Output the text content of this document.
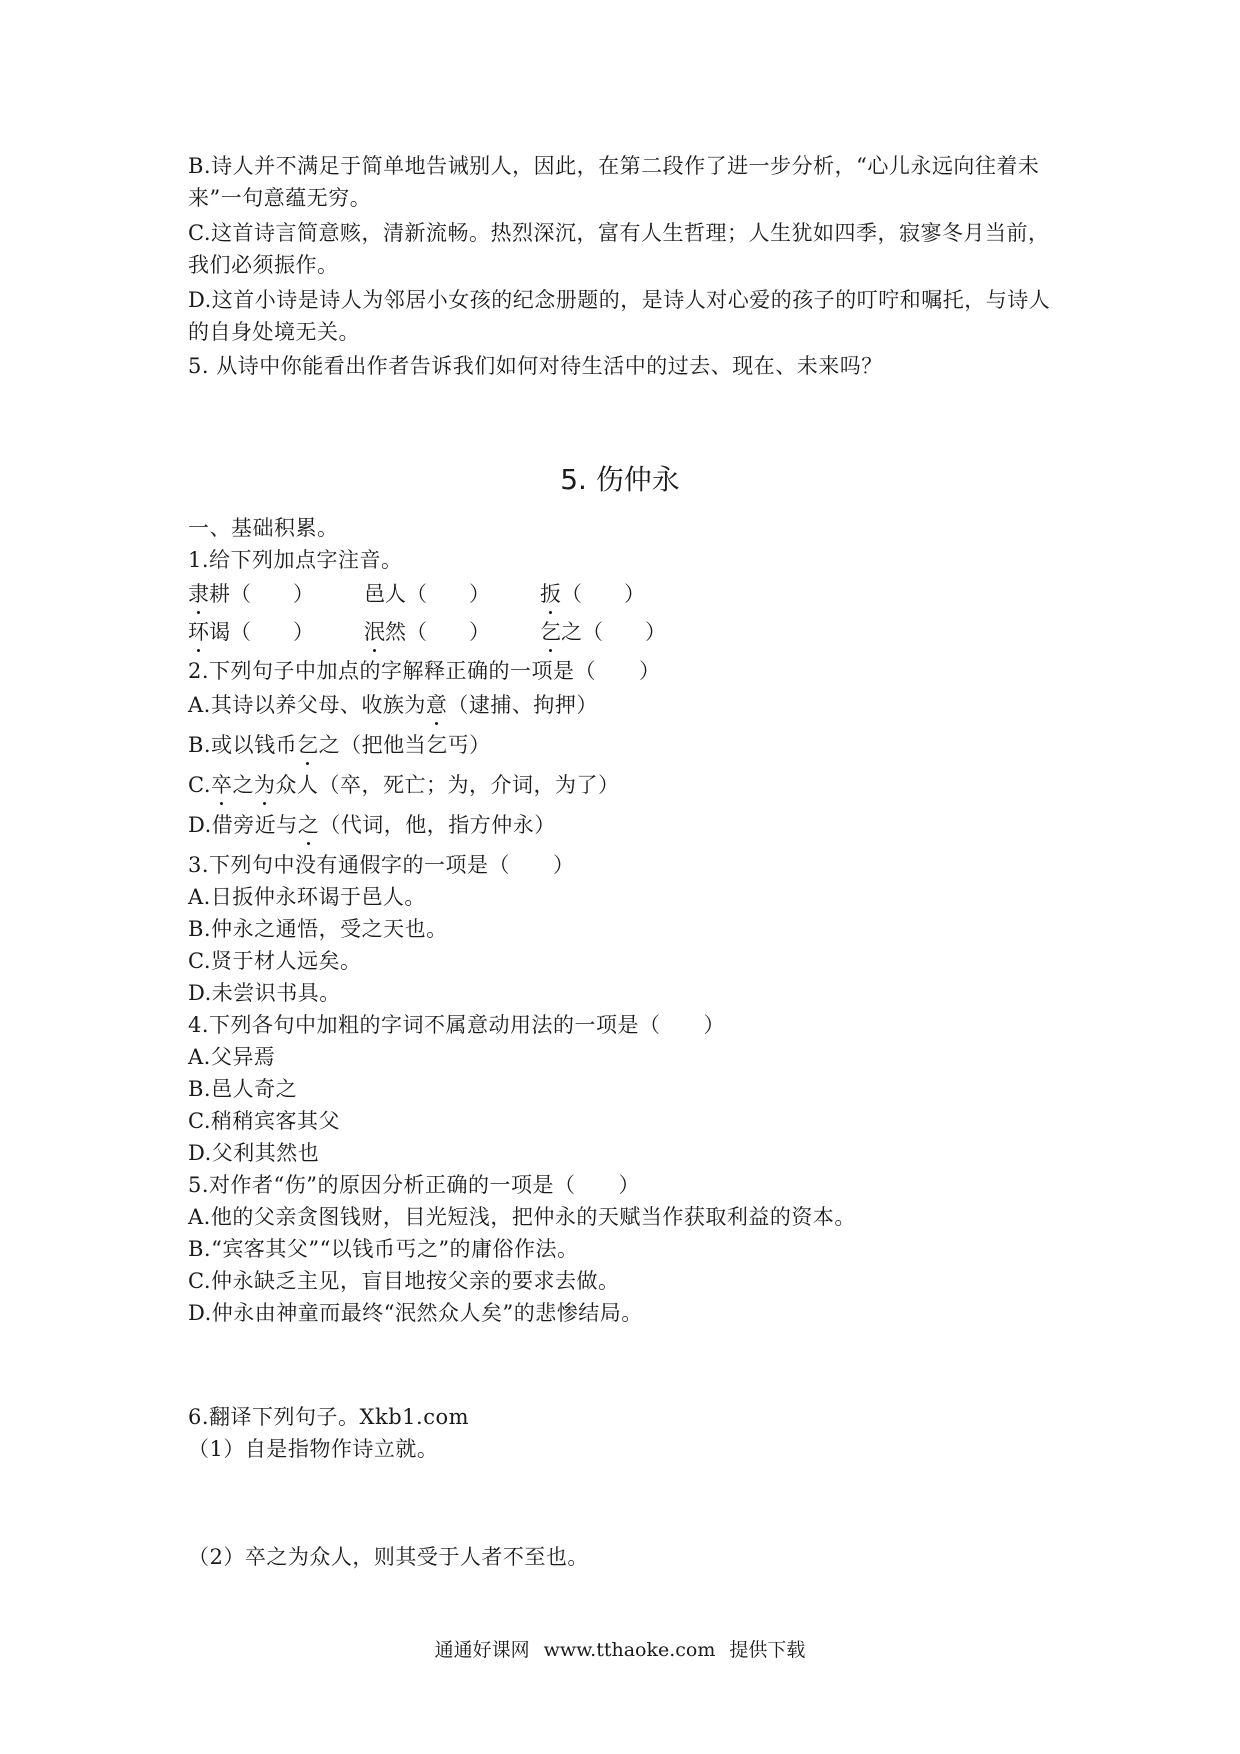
B.诗人并不满足于简单地告诫别人，因此，在第二段作了进一步分析，“心儿永远向往着未
来”一句意蕴无穷。
C.这首诗言简意赅，清新流畅。热烈深沉，富有人生哲理；人生犹如四季，寂寥冬月当前，
我们必须振作。
D.这首小诗是诗人为邻居小女孩的纪念册题的，是诗人对心爱的孩子的叮咛和嘱托，与诗人
的自身处境无关。
5. 从诗中你能看出作者告诉我们如何对待生活中的过去、现在、未来吗？
5. 伤仲永
一、基础积累。
1.给下列加点字注音。
隶耕（　　） 邑人（　　） 扳（　　）
环谒（　　） 泯然（　　） 乞之（　　）
2.下列句子中加点的字解释正确的一项是（　　）
A.其诗以养父母、收族为意（逮捕、拘押）
B.或以钱币乞之（把他当乞丐）
C.卒之为众人（卒，死亡；为，介词，为了）
D.借旁近与之（代词，他，指方仲永）
3.下列句中没有通假字的一项是（　　）
A.日扳仲永环谒于邑人。
B.仲永之通悟，受之天也。
C.贤于材人远矣。
D.未尝识书具。
4.下列各句中加粗的字词不属意动用法的一项是（　　）
A.父异焉
B.邑人奇之
C.稍稍宾客其父
D.父利其然也
5.对作者“伤”的原因分析正确的一项是（　　）
A.他的父亲贪图钱财，目光短浅，把仲永的天赋当作获取利益的资本。
B.“宾客其父”“以钱币丐之”的庸俗作法。
C.仲永缺乏主见，盲目地按父亲的要求去做。
D.仲永由神童而最终“泯然众人矣”的悲惨结局。
6.翻译下列句子。Xkb1.com
（1）自是指物作诗立就。
（2）卒之为众人，则其受于人者不至也。
通通好课网 www.tthaoke.com 提供下载
